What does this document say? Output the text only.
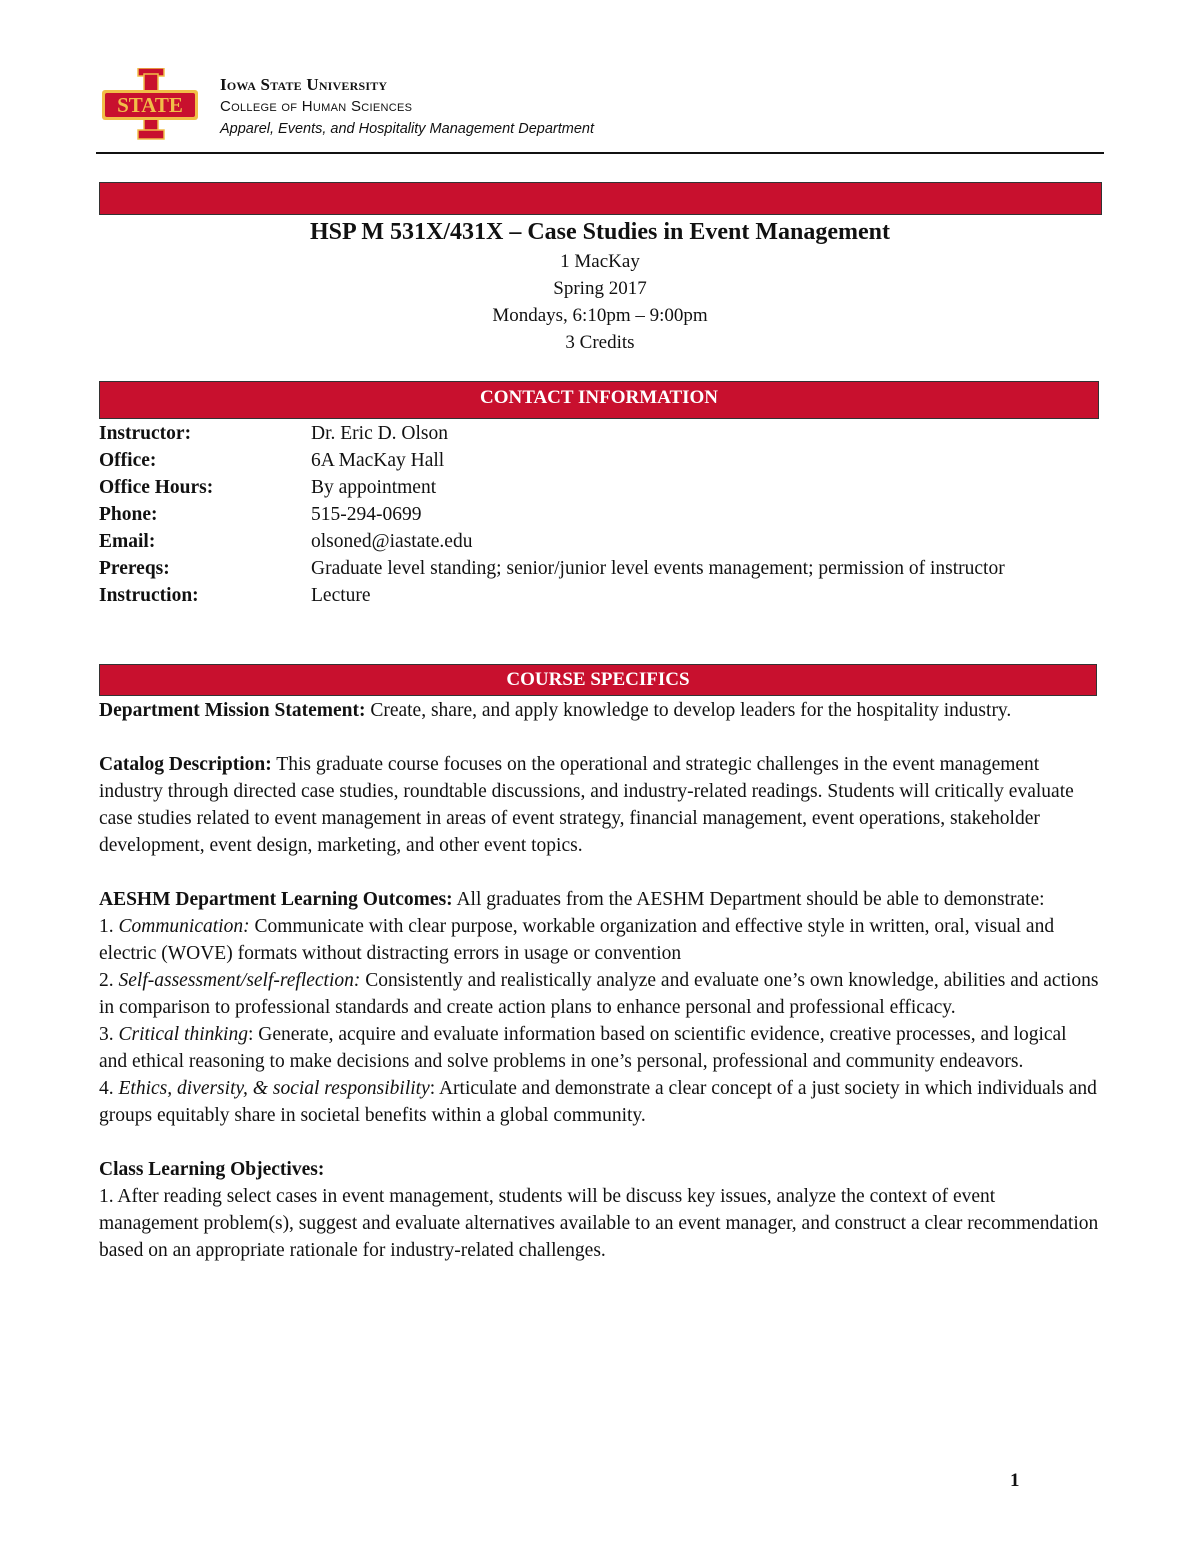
STATE
Iowa State University
College of Human Sciences
Apparel, Events, and Hospitality Management Department
HSP M 531X/431X – Case Studies in Event Management
1 MacKay
Spring 2017
Mondays, 6:10pm – 9:00pm
3 Credits
CONTACT INFORMATION
Instructor:	Dr. Eric D. Olson
Office:	6A MacKay Hall
Office Hours:	By appointment
Phone:	515-294-0699
Email:	olsoned@iastate.edu
Prereqs:	Graduate level standing; senior/junior level events management; permission of instructor
Instruction:	Lecture
COURSE SPECIFICS

Department Mission Statement: Create, share, and apply knowledge to develop leaders for the hospitality industry.

Catalog Description: This graduate course focuses on the operational and strategic challenges in the event management industry through directed case studies, roundtable discussions, and industry-related readings. Students will critically evaluate case studies related to event management in areas of event strategy, financial management, event operations, stakeholder development, event design, marketing, and other event topics.

AESHM Department Learning Outcomes: All graduates from the AESHM Department should be able to demonstrate:

1. Communication: Communicate with clear purpose, workable organization and effective style in written, oral, visual and electric (WOVE) formats without distracting errors in usage or convention

2. Self-assessment/self-reflection: Consistently and realistically analyze and evaluate one’s own knowledge, abilities and actions in comparison to professional standards and create action plans to enhance personal and professional efficacy.

3. Critical thinking: Generate, acquire and evaluate information based on scientific evidence, creative processes, and logical and ethical reasoning to make decisions and solve problems in one’s personal, professional and community endeavors.

4. Ethics, diversity, & social responsibility: Articulate and demonstrate a clear concept of a just society in which individuals and groups equitably share in societal benefits within a global community.

Class Learning Objectives:

1. After reading select cases in event management, students will be discuss key issues, analyze the context of event management problem(s), suggest and evaluate alternatives available to an event manager, and construct a clear recommendation based on an appropriate rationale for industry-related challenges.

1
